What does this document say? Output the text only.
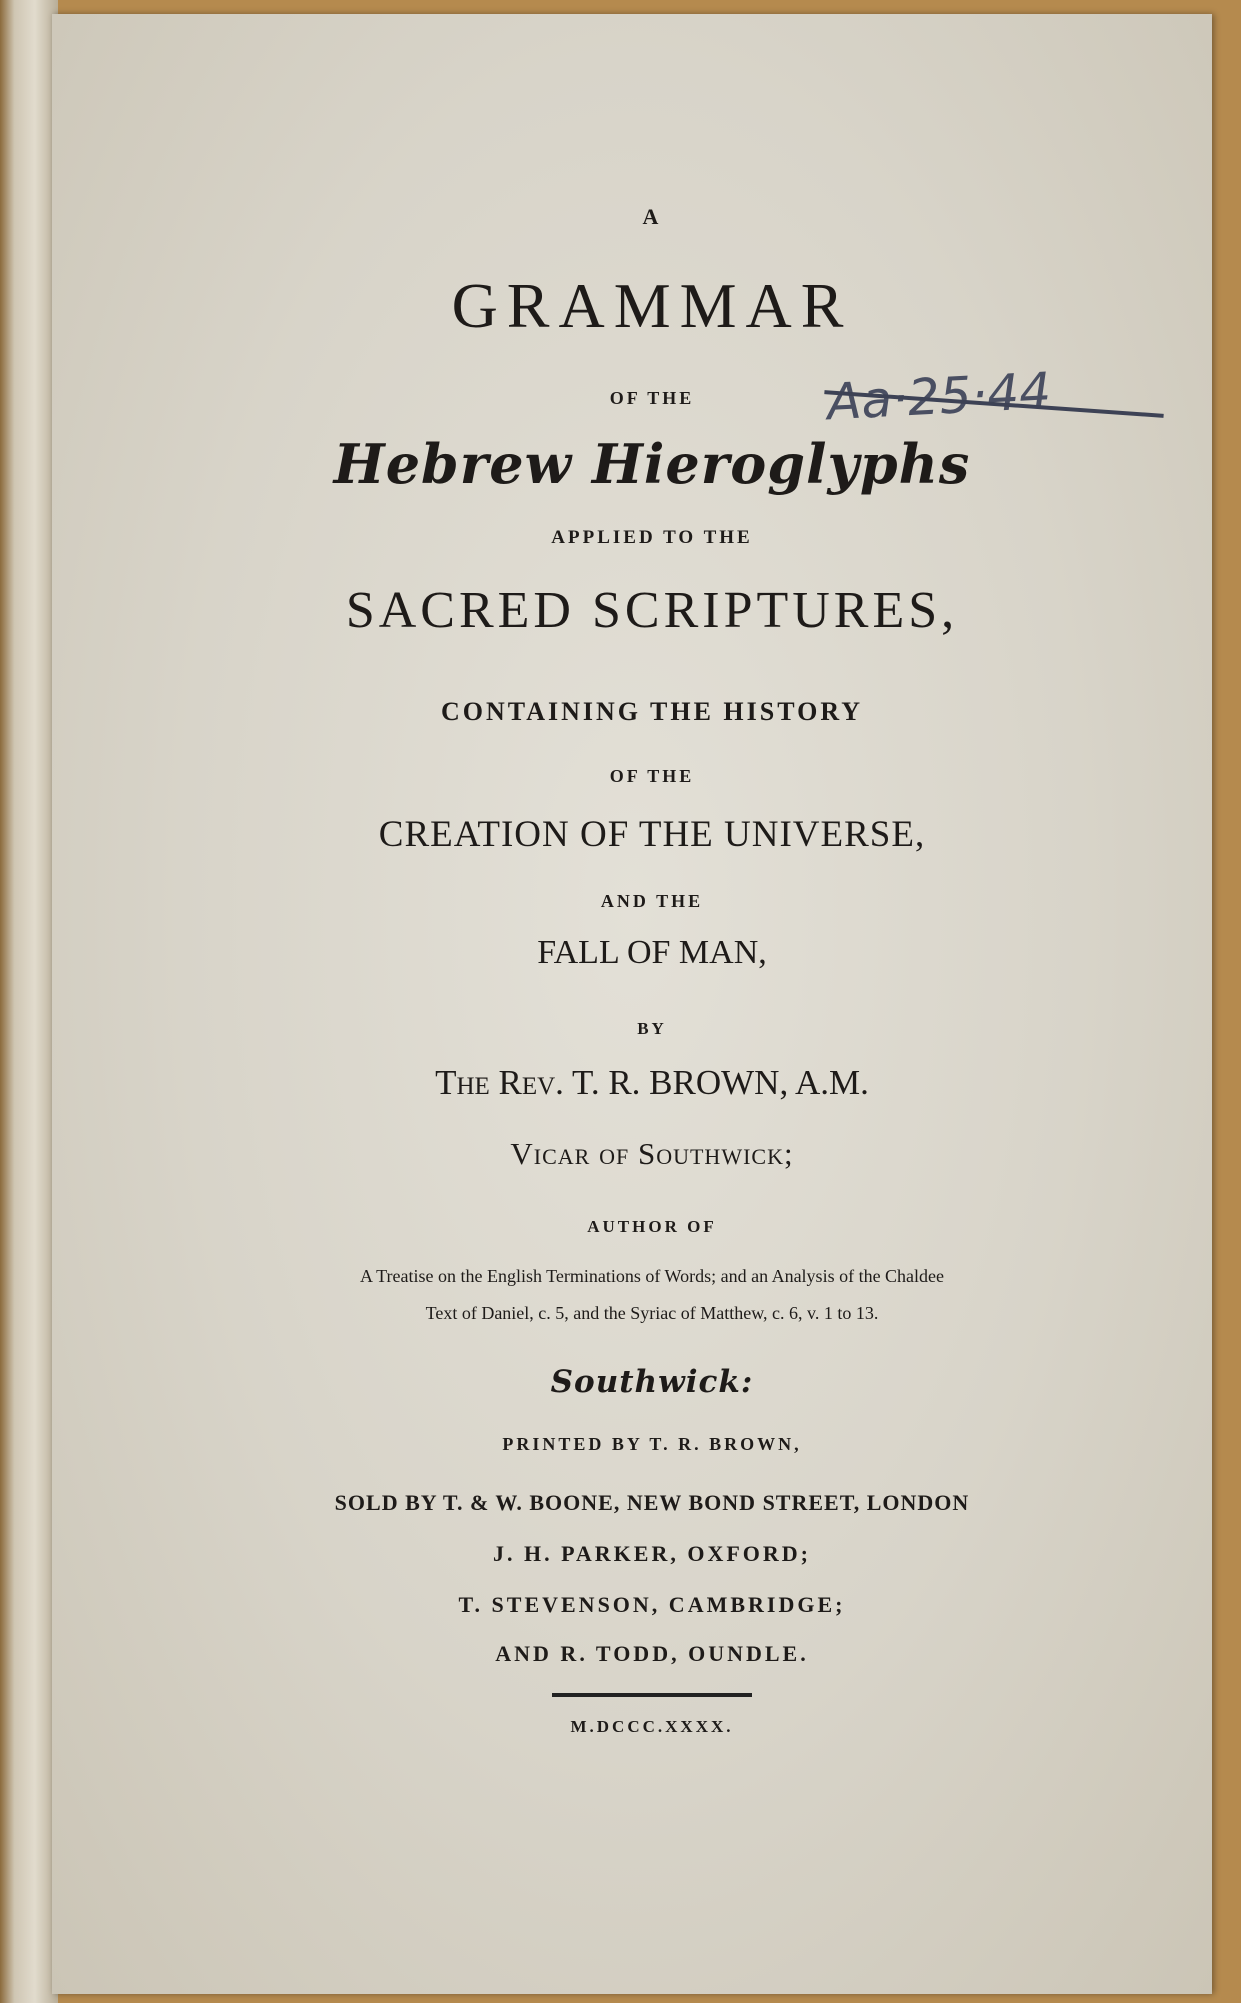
A
GRAMMAR
OF THE
Hebrew Hieroglyphs
APPLIED TO THE
SACRED SCRIPTURES,
CONTAINING THE HISTORY
OF THE
CREATION OF THE UNIVERSE,
AND THE
FALL OF MAN,
BY
The Rev. T. R. BROWN, A.M.
Vicar of Southwick;
AUTHOR OF
A Treatise on the English Terminations of Words; and an Analysis of the Chaldee
Text of Daniel, c. 5, and the Syriac of Matthew, c. 6, v. 1 to 13.
Southwick:
PRINTED BY T. R. BROWN,
SOLD BY T. & W. BOONE, NEW BOND STREET, LONDON
J. H. PARKER, OXFORD;
T. STEVENSON, CAMBRIDGE;
AND R. TODD, OUNDLE.
M.DCCC.XXXX.
Aa·25·44
